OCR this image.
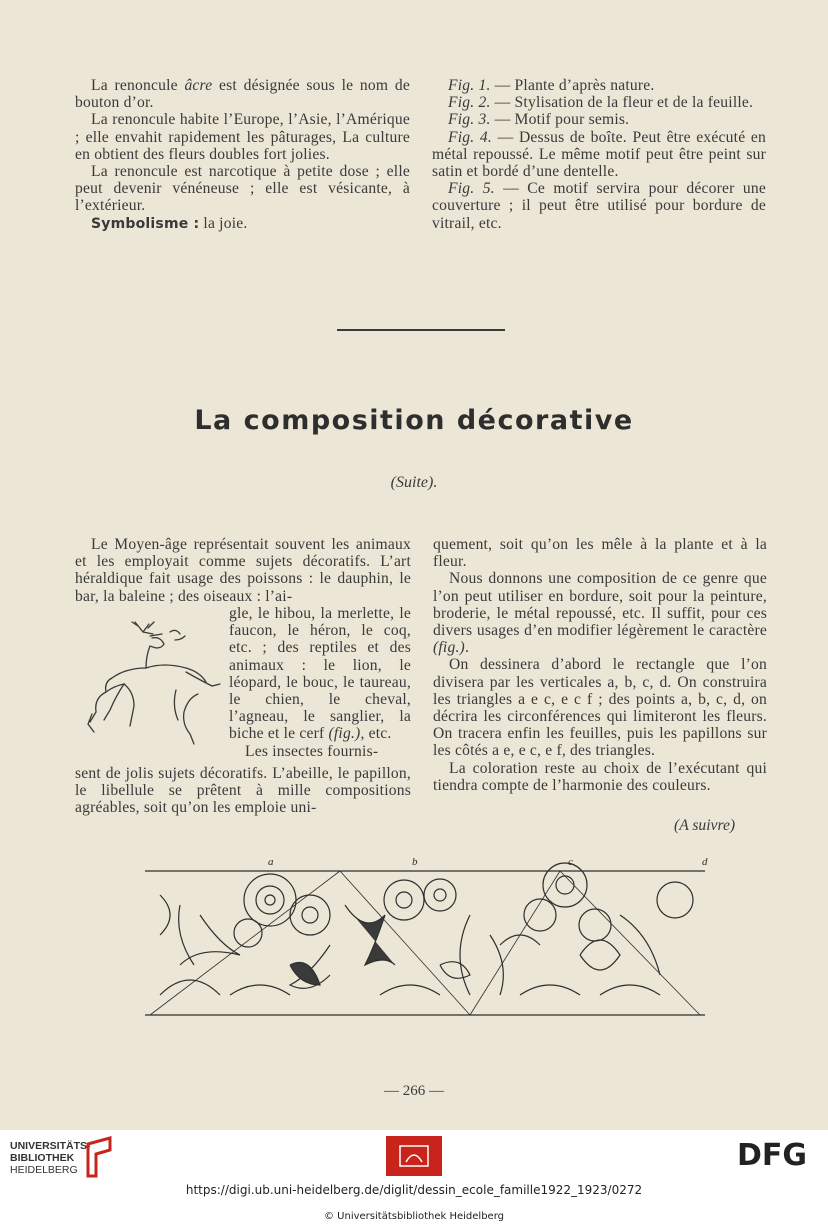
La renoncule âcre est désignée sous le nom de bouton d’or.

La renoncule habite l’Europe, l’Asie, l’Amérique ; elle envahit rapidement les pâturages, La culture en obtient des fleurs doubles fort jolies.

La renoncule est narcotique à petite dose ; elle peut devenir vénéneuse ; elle est vésicante, à l’extérieur.

Symbolisme : la joie.

Fig. 1. — Plante d’après nature.

Fig. 2. — Stylisation de la fleur et de la feuille.

Fig. 3. — Motif pour semis.

Fig. 4. — Dessus de boîte. Peut être exécuté en métal repoussé. Le même motif peut être peint sur satin et bordé d’une dentelle.

Fig. 5. — Ce motif servira pour décorer une couverture ; il peut être utilisé pour bordure de vitrail, etc.

La composition décorative
(Suite).

Le Moyen-âge représentait souvent les animaux et les employait comme sujets décoratifs. L’art héraldique fait usage des poissons : le dauphin, le bar, la baleine ; des oiseaux : l’ai-

gle, le hibou, la merlette, le faucon, le héron, le coq, etc. ; des reptiles et des animaux : le lion, le léopard, le bouc, le taureau, le chien, le cheval, l’agneau, le sanglier, la biche et le cerf (fig.), etc.

Les insectes fournis-

sent de jolis sujets décoratifs. L’abeille, le papillon, le libellule se prêtent à mille compositions agréables, soit qu’on les emploie uni-

quement, soit qu’on les mêle à la plante et à la fleur.

Nous donnons une composition de ce genre que l’on peut utiliser en bordure, soit pour la peinture, broderie, le métal repoussé, etc. Il suffit, pour ces divers usages d’en modifier légèrement le caractère (fig.).

On dessinera d’abord le rectangle que l’on divisera par les verticales a, b, c, d. On construira les triangles a e c, e c f ; des points a, b, c, d, on décrira les circonférences qui limiteront les fleurs. On tracera enfin les feuilles, puis les papillons sur les côtés a e, e c, e f, des triangles.

La coloration reste au choix de l’exécutant qui tiendra compte de l’harmonie des couleurs.

(A suivre)
a	b	c	d
— 266 —
UNIVERSITÄTS-
BIBLIOTHEK
HEIDELBERG	DFG
https://digi.ub.uni-heidelberg.de/diglit/dessin_ecole_famille1922_1923/0272
© Universitätsbibliothek Heidelberg
